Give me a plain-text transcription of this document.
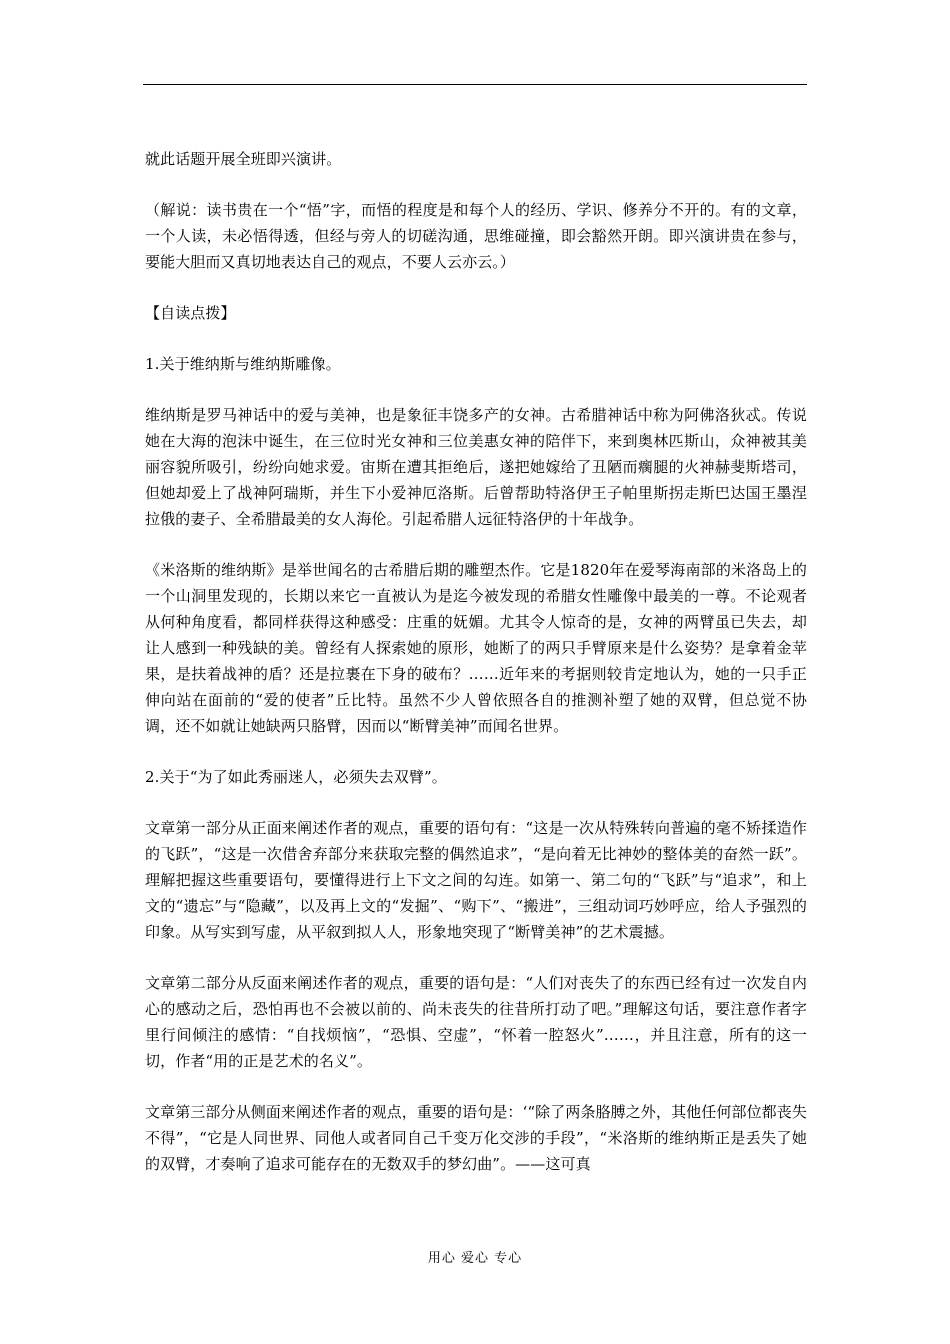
就此话题开展全班即兴演讲。

（解说：读书贵在一个“悟”字，而悟的程度是和每个人的经历、学识、修养分不开的。有的文章，一个人读，未必悟得透，但经与旁人的切磋沟通，思维碰撞，即会豁然开朗。即兴演讲贵在参与，要能大胆而又真切地表达自己的观点，不要人云亦云。）

【自读点拨】

1.关于维纳斯与维纳斯雕像。

维纳斯是罗马神话中的爱与美神，也是象征丰饶多产的女神。古希腊神话中称为阿佛洛狄忒。传说她在大海的泡沫中诞生，在三位时光女神和三位美惠女神的陪伴下，来到奥林匹斯山，众神被其美丽容貌所吸引，纷纷向她求爱。宙斯在遭其拒绝后，遂把她嫁给了丑陋而瘸腿的火神赫斐斯塔司，但她却爱上了战神阿瑞斯，并生下小爱神厄洛斯。后曾帮助特洛伊王子帕里斯拐走斯巴达国王墨涅拉俄的妻子、全希腊最美的女人海伦。引起希腊人远征特洛伊的十年战争。

《米洛斯的维纳斯》是举世闻名的古希腊后期的雕塑杰作。它是1820年在爱琴海南部的米洛岛上的一个山洞里发现的，长期以来它一直被认为是迄今被发现的希腊女性雕像中最美的一尊。不论观者从何种角度看，都同样获得这种感受：庄重的妩媚。尤其令人惊奇的是，女神的两臂虽已失去，却让人感到一种残缺的美。曾经有人探索她的原形，她断了的两只手臂原来是什么姿势？是拿着金苹果，是扶着战神的盾？还是拉裹在下身的破布？……近年来的考据则较肯定地认为，她的一只手正伸向站在面前的“爱的使者”丘比特。虽然不少人曾依照各自的推测补塑了她的双臂，但总觉不协调，还不如就让她缺两只胳臂，因而以“断臂美神”而闻名世界。

2.关于“为了如此秀丽迷人，必须失去双臂”。

文章第一部分从正面来阐述作者的观点，重要的语句有：“这是一次从特殊转向普遍的毫不矫揉造作的飞跃”，“这是一次借舍弃部分来获取完整的偶然追求”，“是向着无比神妙的整体美的奋然一跃”。理解把握这些重要语句，要懂得进行上下文之间的勾连。如第一、第二句的“飞跃”与“追求”，和上文的“遗忘”与“隐藏”，以及再上文的“发掘”、“购下”、“搬进”，三组动词巧妙呼应，给人予强烈的印象。从写实到写虚，从平叙到拟人人，形象地突现了“断臂美神”的艺术震撼。

文章第二部分从反面来阐述作者的观点，重要的语句是：“人们对丧失了的东西已经有过一次发自内心的感动之后，恐怕再也不会被以前的、尚未丧失的往昔所打动了吧。”理解这句话，要注意作者字里行间倾注的感情：“自找烦恼”，“恐惧、空虚”，“怀着一腔怒火”……，并且注意，所有的这一切，作者“用的正是艺术的名义”。

文章第三部分从侧面来阐述作者的观点，重要的语句是：‘“除了两条胳膊之外，其他任何部位都丧失不得”，“它是人同世界、同他人或者同自己千变万化交涉的手段”，“米洛斯的维纳斯正是丢失了她的双臂，才奏响了追求可能存在的无数双手的梦幻曲”。——这可真

用心 爱心 专心
